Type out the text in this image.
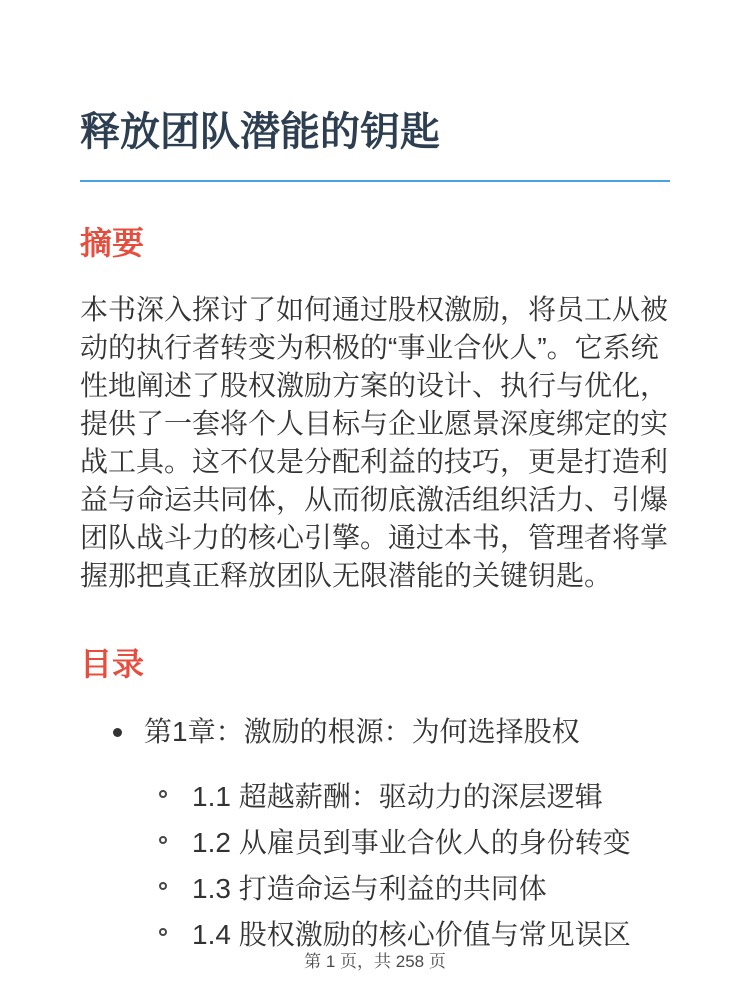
释放团队潜能的钥匙
摘要

本书深入探讨了如何通过股权激励，将员工从被动的执行者转变为积极的“事业合伙人”。它系统性地阐述了股权激励方案的设计、执行与优化，提供了一套将个人目标与企业愿景深度绑定的实战工具。这不仅是分配利益的技巧，更是打造利益与命运共同体，从而彻底激活组织活力、引爆团队战斗力的核心引擎。通过本书，管理者将掌握那把真正释放团队无限潜能的关键钥匙。

目录
第1章：激励的根源：为何选择股权
1.1 超越薪酬：驱动力的深层逻辑
1.2 从雇员到事业合伙人的身份转变
1.3 打造命运与利益的共同体
1.4 股权激励的核心价值与常见误区
第 1 页，共 258 页
